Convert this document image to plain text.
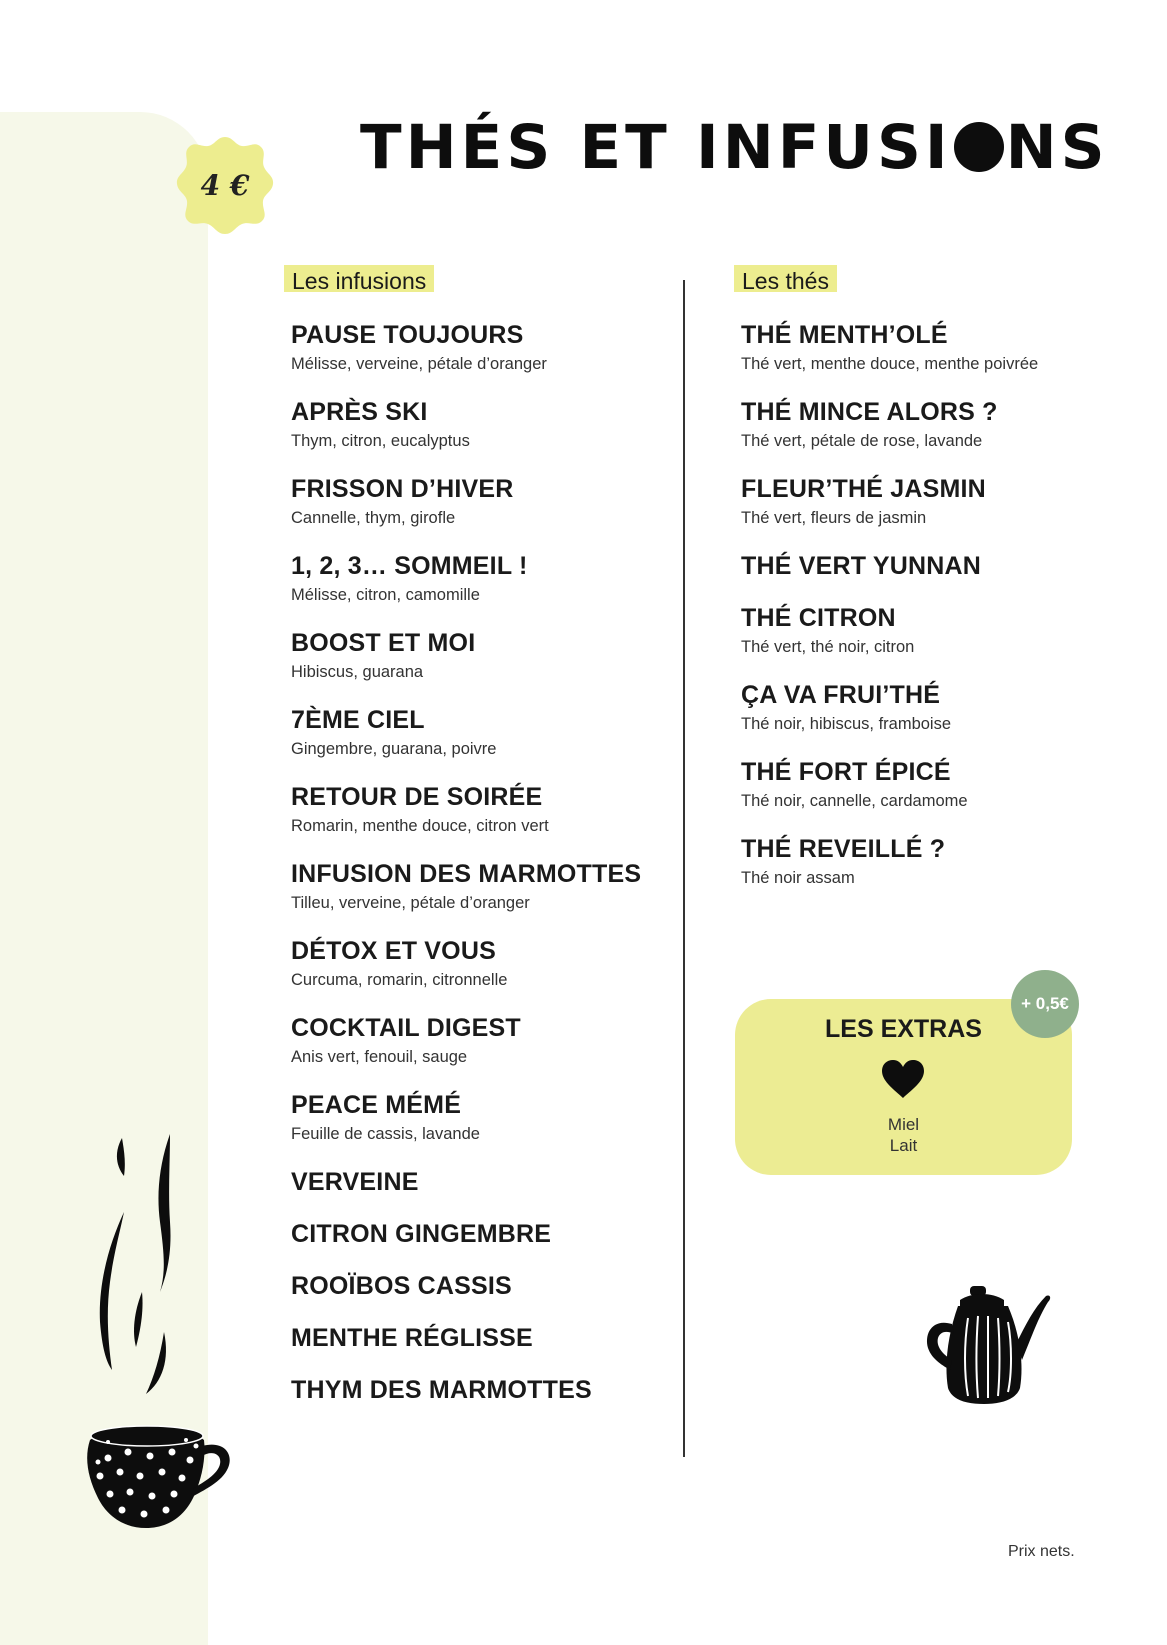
4 €
THÉS ET INFUSI NS
Les infusions	Les thés
PAUSE TOUJOURS
Mélisse, verveine, pétale d’oranger
APRÈS SKI
Thym, citron, eucalyptus
FRISSON D’HIVER
Cannelle, thym, girofle
1, 2, 3… SOMMEIL !
Mélisse, citron, camomille
BOOST ET MOI
Hibiscus, guarana
7ÈME CIEL
Gingembre, guarana, poivre
RETOUR DE SOIRÉE
Romarin, menthe douce, citron vert
INFUSION DES MARMOTTES
Tilleu, verveine, pétale d’oranger
DÉTOX ET VOUS
Curcuma, romarin, citronnelle
COCKTAIL DIGEST
Anis vert, fenouil, sauge
PEACE MÉMÉ
Feuille de cassis, lavande
VERVEINE
CITRON GINGEMBRE
ROOÏBOS CASSIS
MENTHE RÉGLISSE
THYM DES MARMOTTES
THÉ MENTH’OLÉ
Thé vert, menthe douce, menthe poivrée
THÉ MINCE ALORS ?
Thé vert, pétale de rose, lavande
FLEUR’THÉ JASMIN
Thé vert, fleurs de jasmin
THÉ VERT YUNNAN
THÉ CITRON
Thé vert, thé noir, citron
ÇA VA FRUI’THÉ
Thé noir, hibiscus, framboise
THÉ FORT ÉPICÉ
Thé noir, cannelle, cardamome
THÉ REVEILLÉ ?
Thé noir assam
LES EXTRAS
Miel
Lait
+ 0,5€
Prix nets.
